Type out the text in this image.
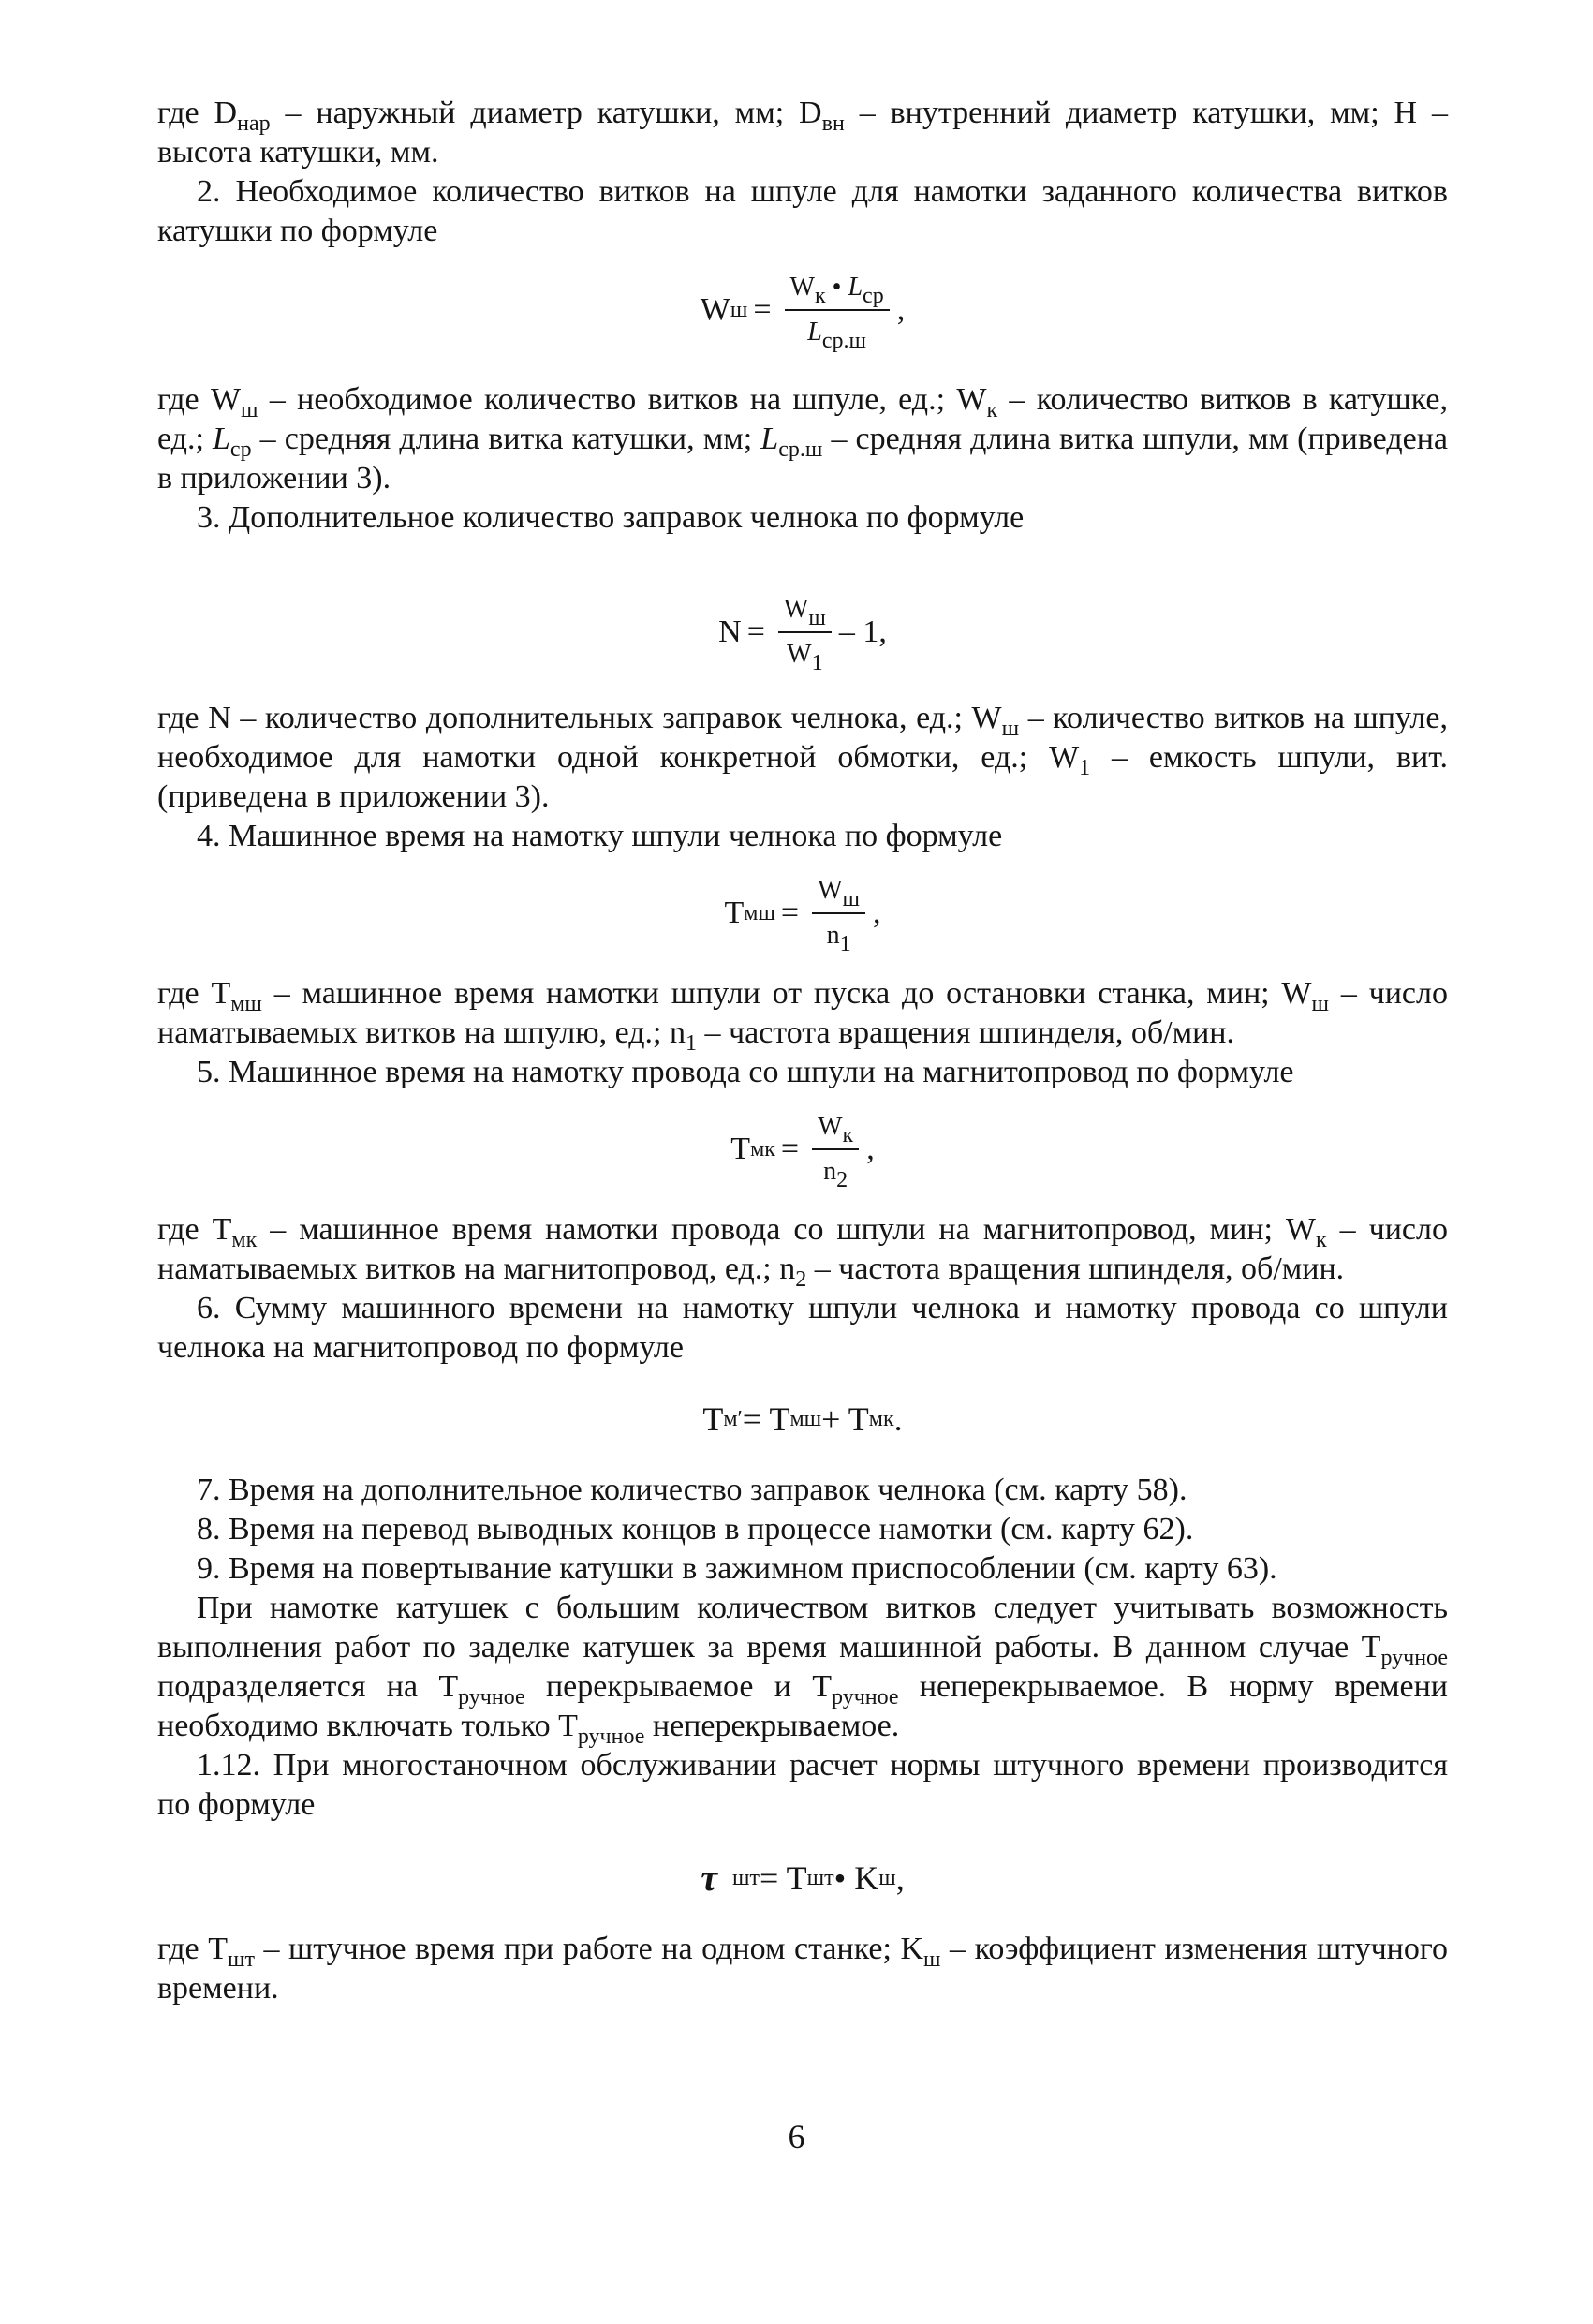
где $D_{нар}$ – наружный диаметр катушки, мм; $D_{вн}$ – внутренний диаметр катушки, мм; Н – высота катушки, мм.

2. Необходимое количество витков на шпуле для намотки заданного количества витков катушки по формуле

W $ш = \frac{W_к • L_{ср}}{L_{ср.ш}}$ ,

где $W_ш$ – необходимое количество витков на шпуле, ед.; $W_к$ – количество витков в катушке, ед.; $L_{ср}$ – средняя длина витка катушки, мм; $L_{ср.ш}$ – средняя длина витка шпули, мм (приведена в приложении 3).

3. Дополнительное количество заправок челнока по формуле

$N = \frac{W_ш}{W_1} - 1$,

где N – количество дополнительных заправок челнока, ед.; $W_ш$ – количество витков на шпуле, необходимое для намотки одной конкретной обмотки, ед.; $W_1$ – емкость шпули, вит. (приведена в приложении 3).

4. Машинное время на намотку шпули челнока по формуле

T мш = $\frac{W_ш}{n_1}$ ,

где $T_{мш}$ – машинное время намотки шпули от пуска до остановки станка, мин; $W_ш$ – число наматываемых витков на шпулю, ед.; $n_1$ – частота вращения шпинделя, об/мин.

5. Машинное время на намотку провода со шпули на магнитопровод по формуле

T мк = $\frac{W_к}{n_2}$ ,

где $T_{мк}$ – машинное время намотки провода со шпули на магнитопровод, мин; $W_к$ – число наматываемых витков на магнитопровод, ед.; $n_2$ – частота вращения шпинделя, об/мин.

6. Сумму машинного времени на намотку шпули челнока и намотку провода со шпули челнока на магнитопровод по формуле

T м′ = T мш + T мк .

7. Время на дополнительное количество заправок челнока (см. карту 58).

8. Время на перевод выводных концов в процессе намотки (см. карту 62).

9. Время на повертывание катушки в зажимном приспособлении (см. карту 63).

При намотке катушек с большим количеством витков следует учитывать возможность выполнения работ по заделке катушек за время машинной работы. В данном случае $T_{ручное}$ подразделяется на $T_{ручное}$ перекрываемое и $T_{ручное}$ неперекрываемое. В норму времени необходимо включать только $T_{ручное}$ неперекрываемое.

1.12. При многостаночном обслуживании расчет нормы штучного времени производится по формуле

τ шт = T шт • K ш ,

где $T_{шт}$ – штучное время при работе на одном станке; $K_ш$ – коэффициент изменения штучного времени.

6
